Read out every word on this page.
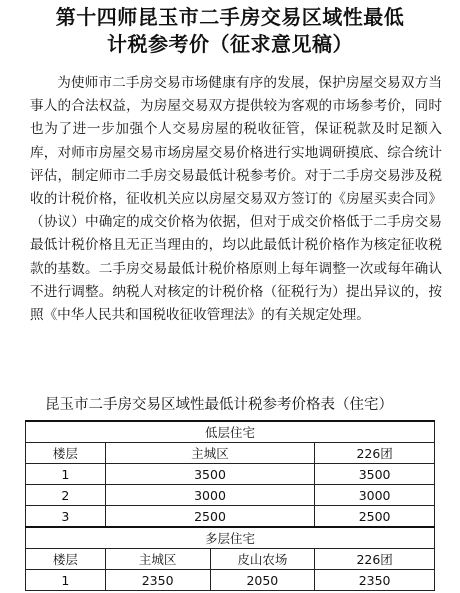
第十四师昆玉市二手房交易区域性最低
计税参考价（征求意见稿）
为使师市二手房交易市场健康有序的发展，保护房屋交易双方当事人的合法权益，为房屋交易双方提供较为客观的市场参考价，同时也为了进一步加强个人交易房屋的税收征管，保证税款及时足额入库，对师市房屋交易市场房屋交易价格进行实地调研摸底、综合统计评估，制定师市二手房交易最低计税参考价。对于二手房交易涉及税收的计税价格，征收机关应以房屋交易双方签订的《房屋买卖合同》（协议）中确定的成交价格为依据，但对于成交价格低于二手房交易最低计税价格且无正当理由的，均以此最低计税价格作为核定征收税款的基数。二手房交易最低计税价格原则上每年调整一次或每年确认不进行调整。纳税人对核定的计税价格（征税行为）提出异议的，按照《中华人民共和国税收征收管理法》的有关规定处理。
昆玉市二手房交易区域性最低计税参考价格表（住宅）
低层住宅			
楼层	主城区		226团
1	3500		3500
2	3000		3000
3	2500		2500
多层住宅			
楼层	主城区	皮山农场	226团
1	2350	2050	2350
